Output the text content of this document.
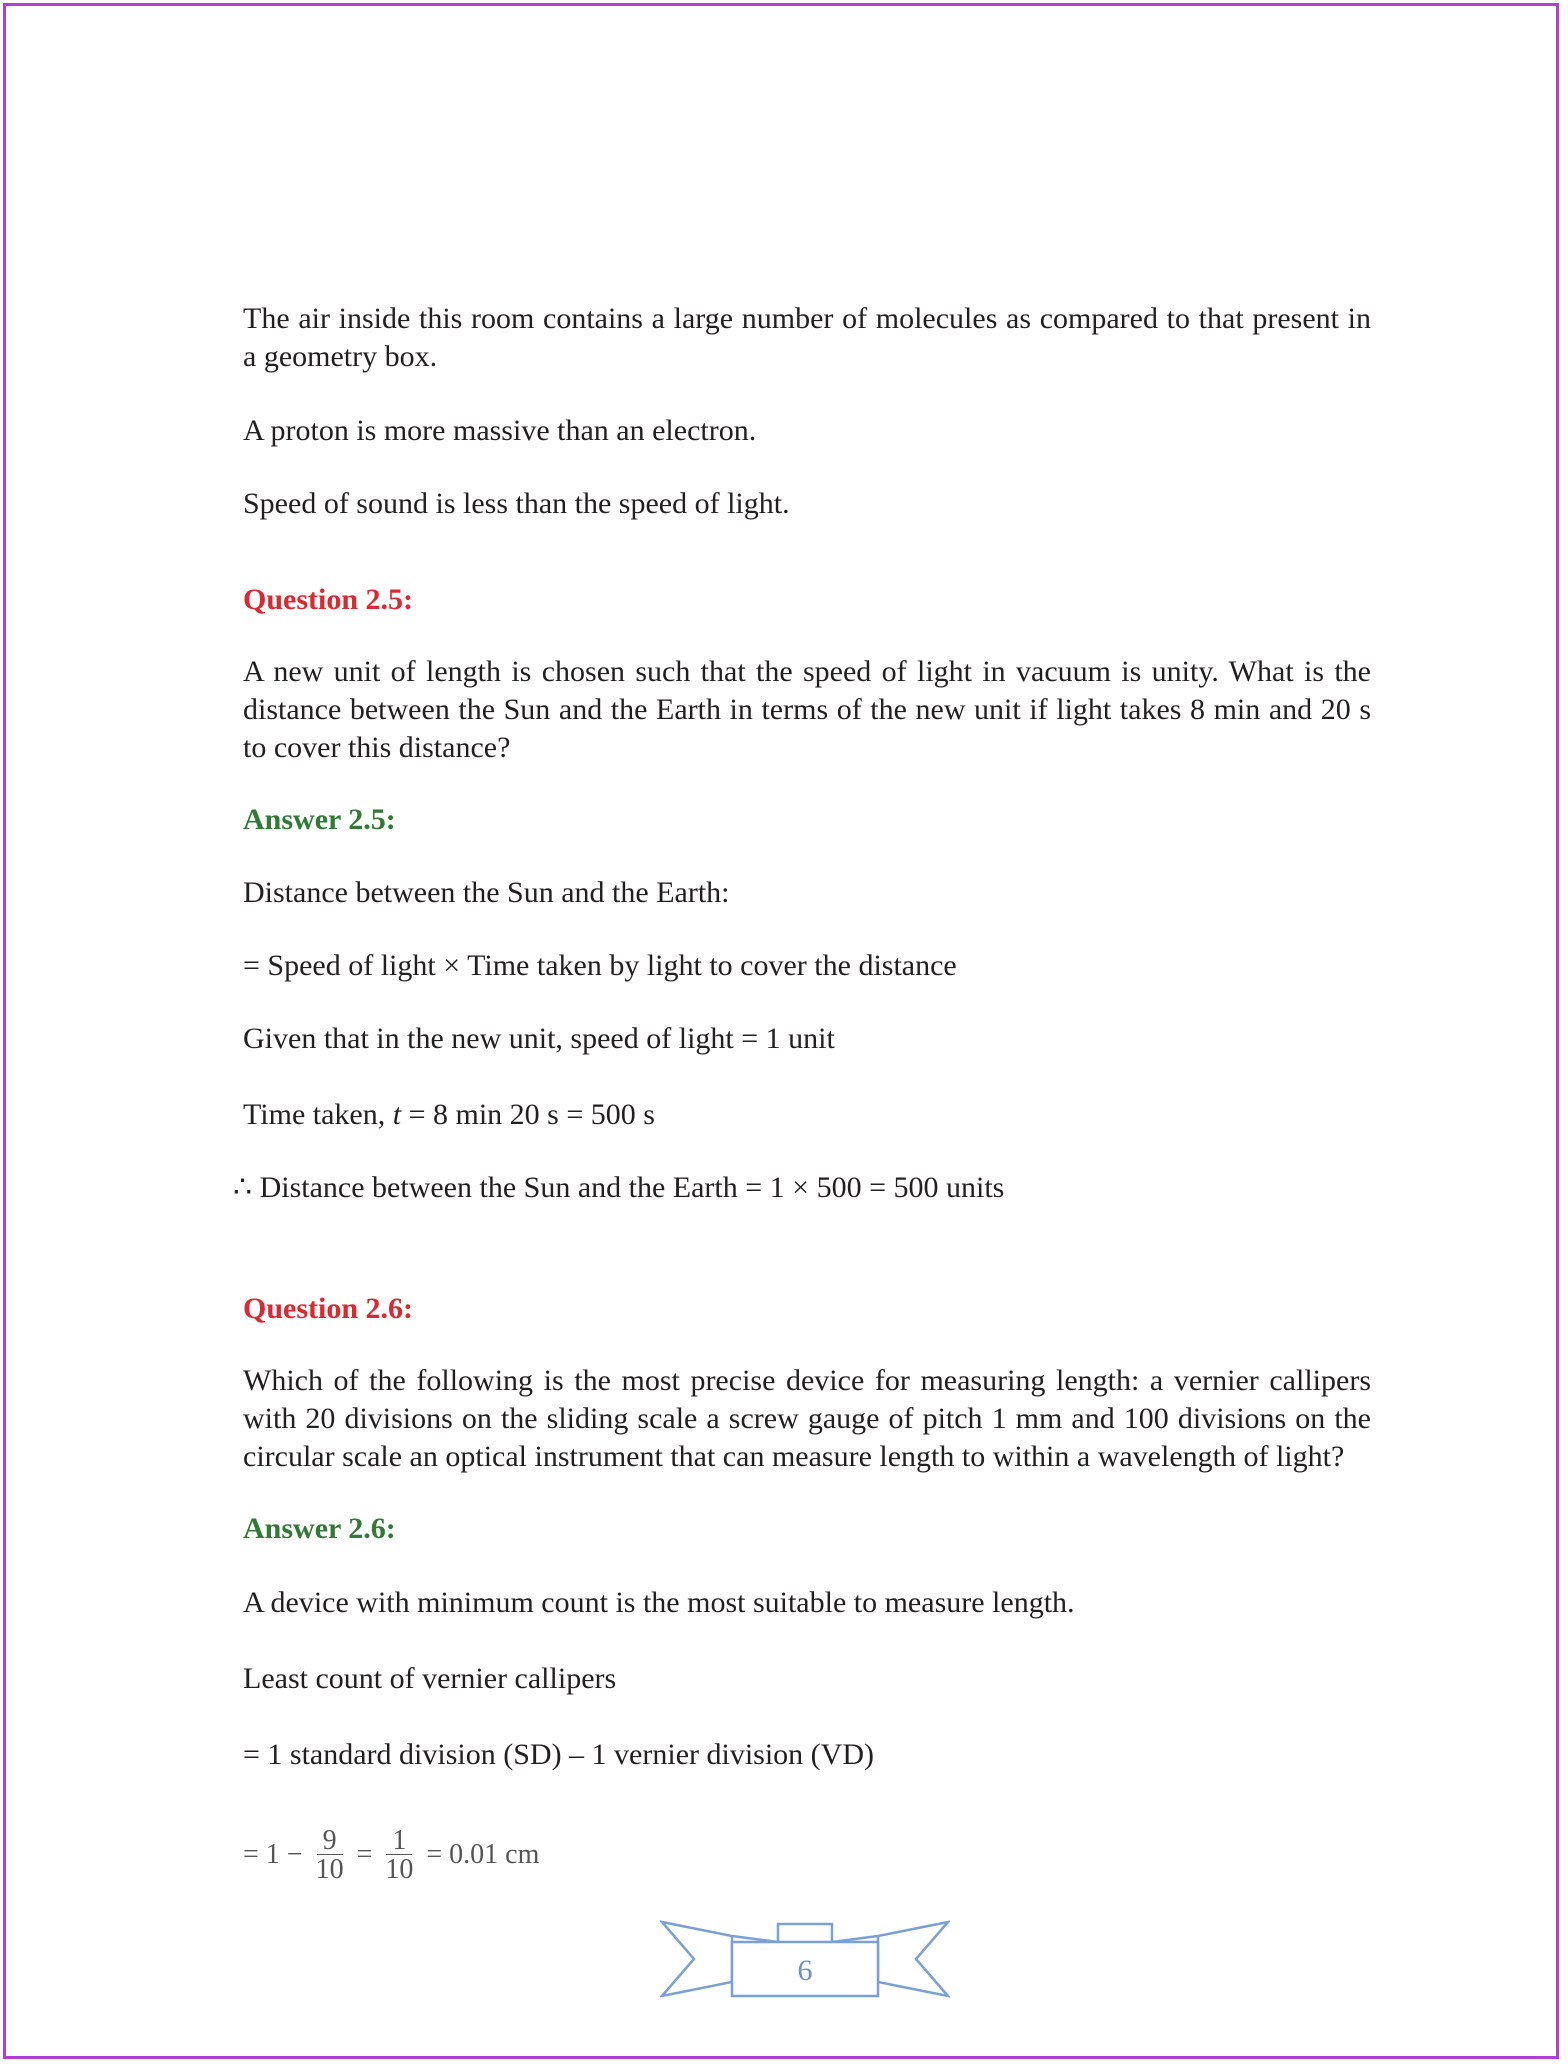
The air inside this room contains a large number of molecules as compared to that present in a geometry box.

A proton is more massive than an electron.

Speed of sound is less than the speed of light.

Question 2.5:

A new unit of length is chosen such that the speed of light in vacuum is unity. What is the distance between the Sun and the Earth in terms of the new unit if light takes 8 min and 20 s to cover this distance?

Answer 2.5:

Distance between the Sun and the Earth:

= Speed of light × Time taken by light to cover the distance

Given that in the new unit, speed of light = 1 unit

Time taken, t = 8 min 20 s = 500 s

∴ Distance between the Sun and the Earth = 1 × 500 = 500 units

Question 2.6:

Which of the following is the most precise device for measuring length: a vernier callipers with 20 divisions on the sliding scale a screw gauge of pitch 1 mm and 100 divisions on the circular scale an optical instrument that can measure length to within a wavelength of light?

Answer 2.6:

A device with minimum count is the most suitable to measure length.

Least count of vernier callipers

= 1 standard division (SD) – 1 vernier division (VD)

= $1 - \frac{9}{10} = \frac{1}{10} = 0.01$ cm
6
